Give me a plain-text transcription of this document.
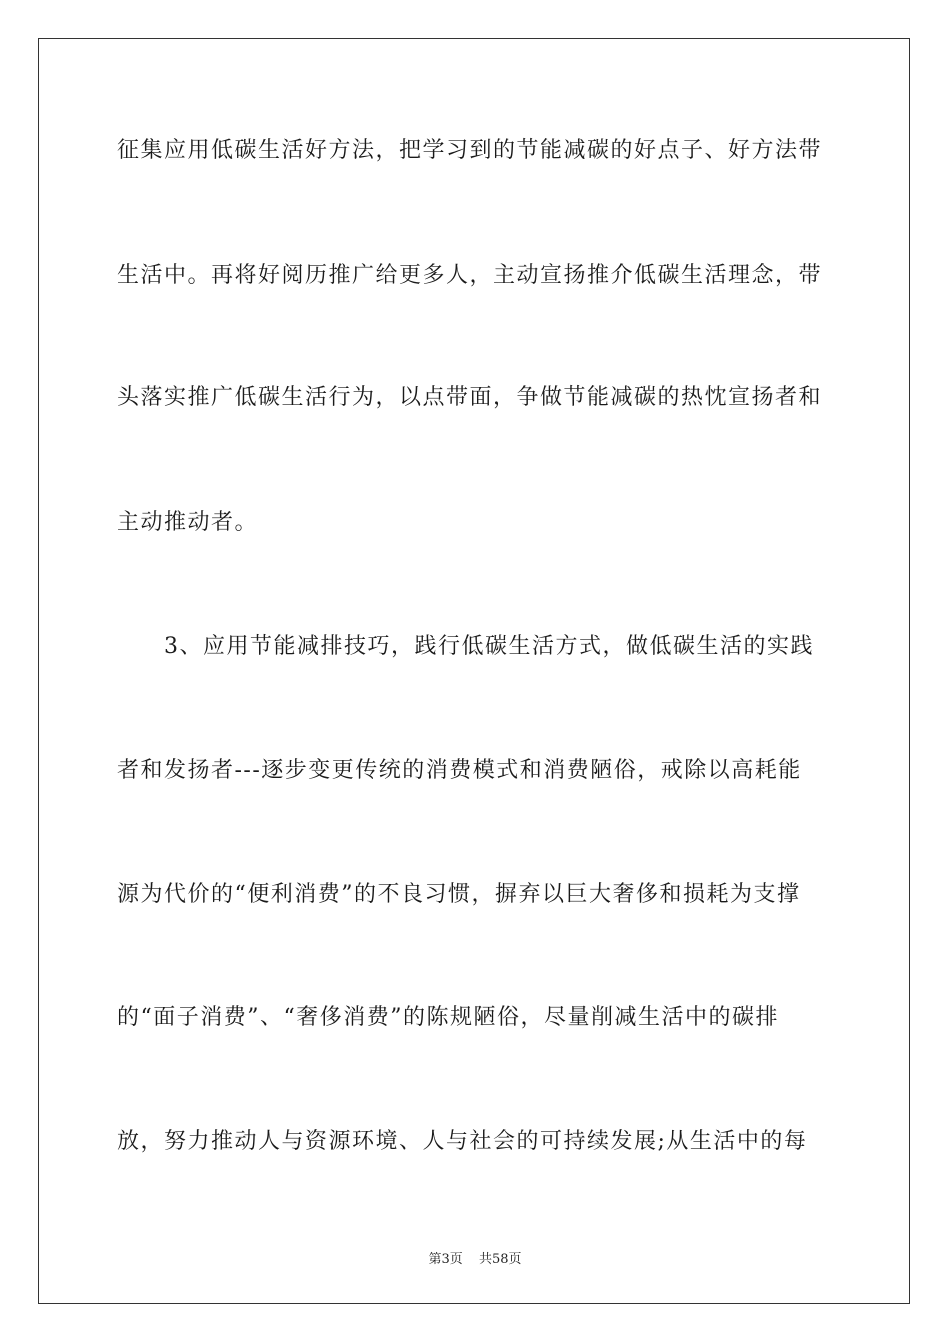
征集应用低碳生活好方法，把学习到的节能减碳的好点子、好方法带
生活中。再将好阅历推广给更多人，主动宣扬推介低碳生活理念，带
头落实推广低碳生活行为，以点带面，争做节能减碳的热忱宣扬者和
主动推动者。
3、应用节能减排技巧，践行低碳生活方式，做低碳生活的实践
者和发扬者---逐步变更传统的消费模式和消费陋俗，戒除以高耗能
源为代价的“便利消费”的不良习惯，摒弃以巨大奢侈和损耗为支撑
的“面子消费”、“奢侈消费”的陈规陋俗，尽量削减生活中的碳排
放，努力推动人与资源环境、人与社会的可持续发展;从生活中的每
第3页 共58页
